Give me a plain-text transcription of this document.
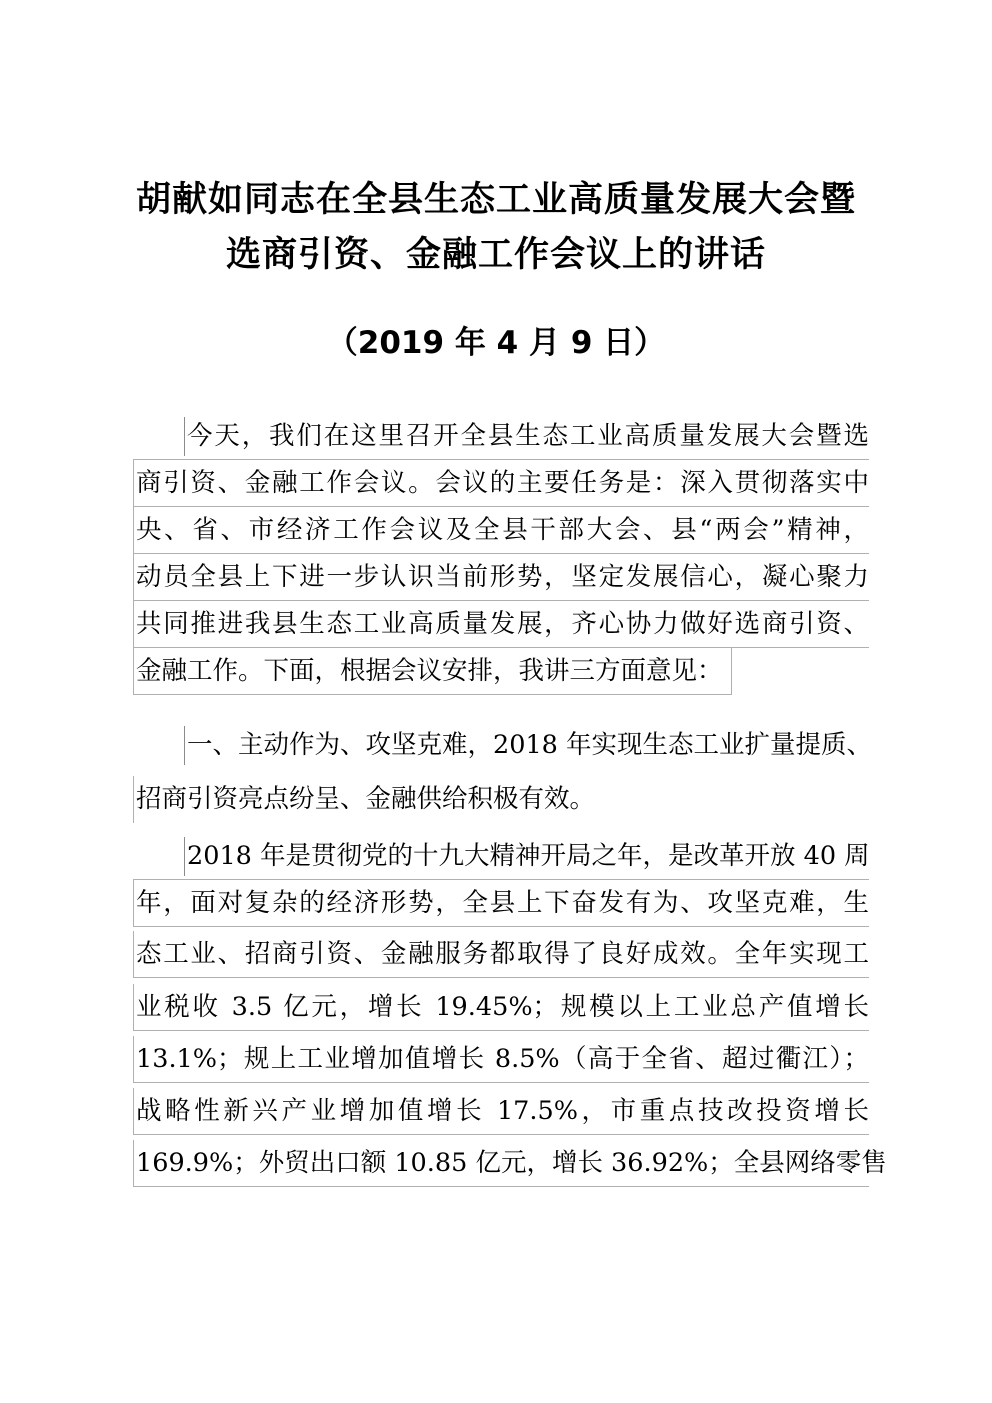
胡献如同志在全县生态工业高质量发展大会暨
选商引资、金融工作会议上的讲话
（2019 年 4 月 9 日）
今天，我们在这里召开全县生态工业高质量发展大会暨选
商引资、金融工作会议。会议的主要任务是：深入贯彻落实中
央、省、市经济工作会议及全县干部大会、县“两会”精神，
动员全县上下进一步认识当前形势，坚定发展信心，凝心聚力
共同推进我县生态工业高质量发展，齐心协力做好选商引资、
金融工作。下面，根据会议安排，我讲三方面意见：
一、主动作为、攻坚克难，2018 年实现生态工业扩量提质、
招商引资亮点纷呈、金融供给积极有效。
2018 年是贯彻党的十九大精神开局之年，是改革开放 40 周
年，面对复杂的经济形势，全县上下奋发有为、攻坚克难，生
态工业、招商引资、金融服务都取得了良好成效。全年实现工
业税收 3.5 亿元，增长 19.45%；规模以上工业总产值增长
13.1%；规上工业增加值增长 8.5%（高于全省、超过衢江）；
战略性新兴产业增加值增长 17.5%，市重点技改投资增长
169.9%；外贸出口额 10.85 亿元，增长 36.92%；全县网络零售
